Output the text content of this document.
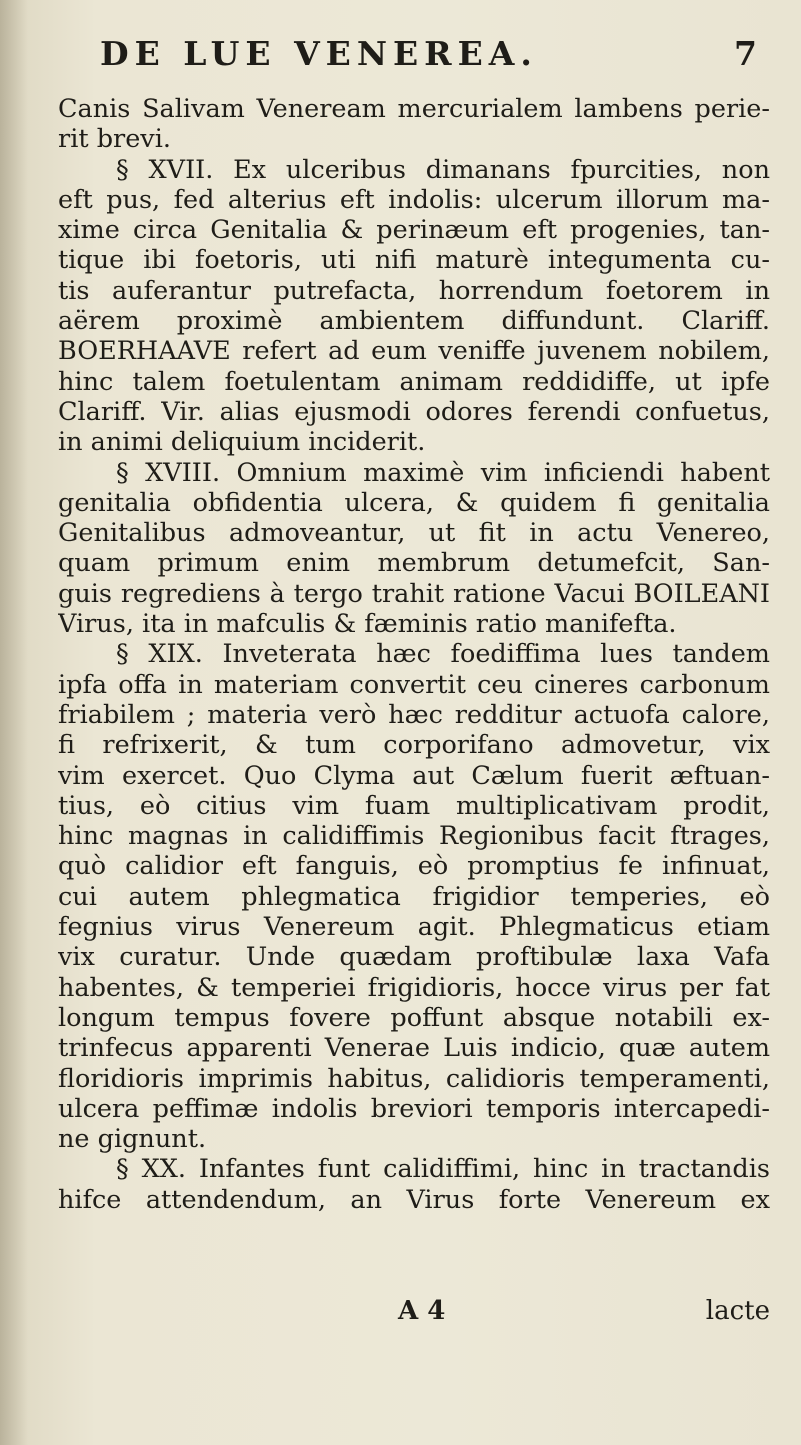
DE LUE VENEREA.	7
Canis Salivam Veneream mercurialem lambens perie-
rit brevi.
§ XVII. Ex ulceribus dimanans fpurcities, non
eft pus, fed alterius eft indolis: ulcerum illorum ma-
xime circa Genitalia & perinæum eft progenies, tan-
tique ibi foetoris, uti nifi maturè integumenta cu-
tis auferantur putrefacta, horrendum foetorem in
aërem proximè ambientem diffundunt. Clariff.
BOERHAAVE refert ad eum veniffe juvenem nobilem,
hinc talem foetulentam animam reddidiffe, ut ipfe
Clariff. Vir. alias ejusmodi odores ferendi confuetus,
in animi deliquium inciderit.
§ XVIII. Omnium maximè vim inficiendi habent
genitalia obfidentia ulcera, & quidem fi genitalia
Genitalibus admoveantur, ut fit in actu Venereo,
quam primum enim membrum detumefcit, San-
guis regrediens à tergo trahit ratione Vacui BOILEANI
Virus, ita in mafculis & fæminis ratio manifefta.
§ XIX. Inveterata hæc foediffima lues tandem
ipfa offa in materiam convertit ceu cineres carbonum
friabilem ; materia verò hæc redditur actuofa calore,
fi refrixerit, & tum corporifano admovetur, vix
vim exercet. Quo Clyma aut Cælum fuerit æftuan-
tius, eò citius vim fuam multiplicativam prodit,
hinc magnas in calidiffimis Regionibus facit ftrages,
quò calidior eft fanguis, eò promptius fe infinuat,
cui autem phlegmatica frigidior temperies, eò
fegnius virus Venereum agit. Phlegmaticus etiam
vix curatur. Unde quædam proftibulæ laxa Vafa
habentes, & temperiei frigidioris, hocce virus per fat
longum tempus fovere poffunt absque notabili ex-
trinfecus apparenti Venerae Luis indicio, quæ autem
floridioris imprimis habitus, calidioris temperamenti,
ulcera peffimæ indolis breviori temporis intercapedi-
ne gignunt.
§ XX. Infantes funt calidiffimi, hinc in tractandis
hifce attendendum, an Virus forte Venereum ex
A 4	lacte
